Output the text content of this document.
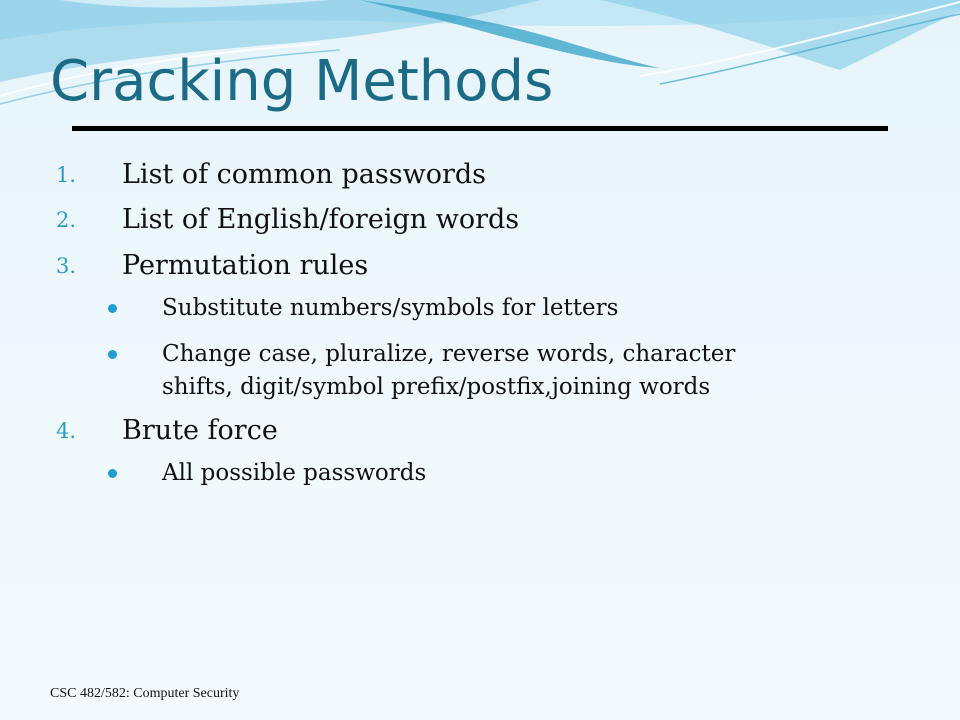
Cracking Methods
1.	List of common passwords
2.	List of English/foreign words
3.	Permutation rules
Substitute numbers/symbols for letters
Change case, pluralize, reverse words, character
shifts, digit/symbol prefix/postfix,joining words
4.	Brute force
All possible passwords
CSC 482/582: Computer Security
